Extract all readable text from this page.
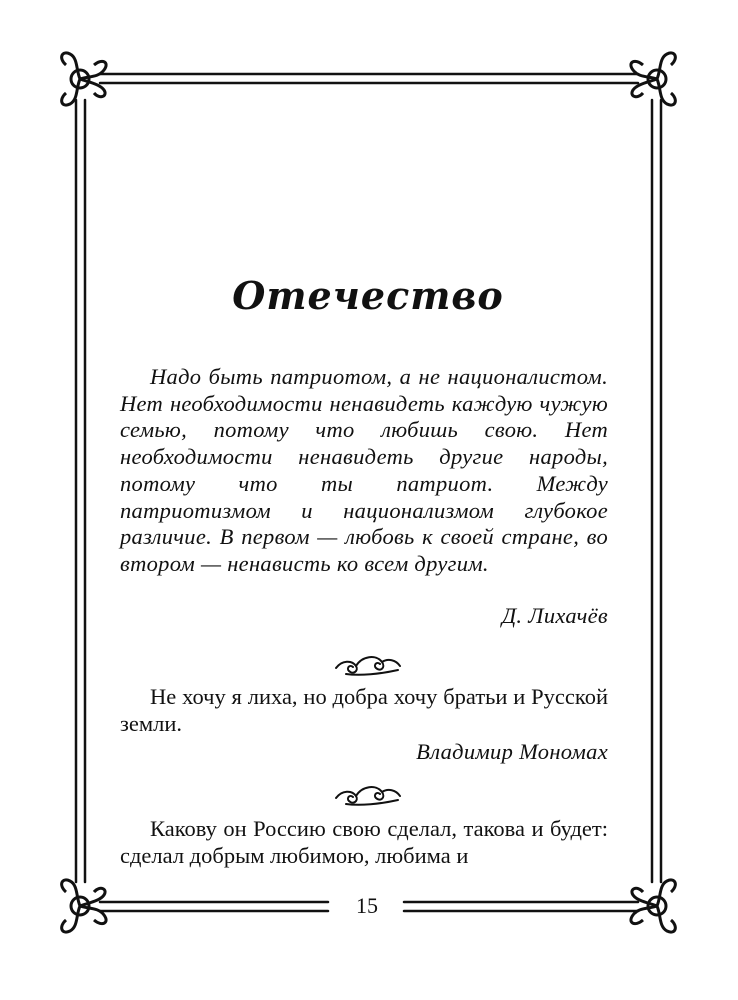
Отечество
Надо быть патриотом, а не националистом. Нет необходимости ненавидеть каждую чужую семью, потому что любишь свою. Нет необходимости ненавидеть другие народы, потому что ты патриот. Между патриотизмом и национализмом глубокое различие. В первом — любовь к своей стране, во втором — ненависть ко всем другим.
Д. Лихачёв
Не хочу я лиха, но добра хочу братьи и Русской земли.
Владимир Мономах
Какову он Россию свою сделал, такова и будет: сделал добрым любимою, любима и
15
